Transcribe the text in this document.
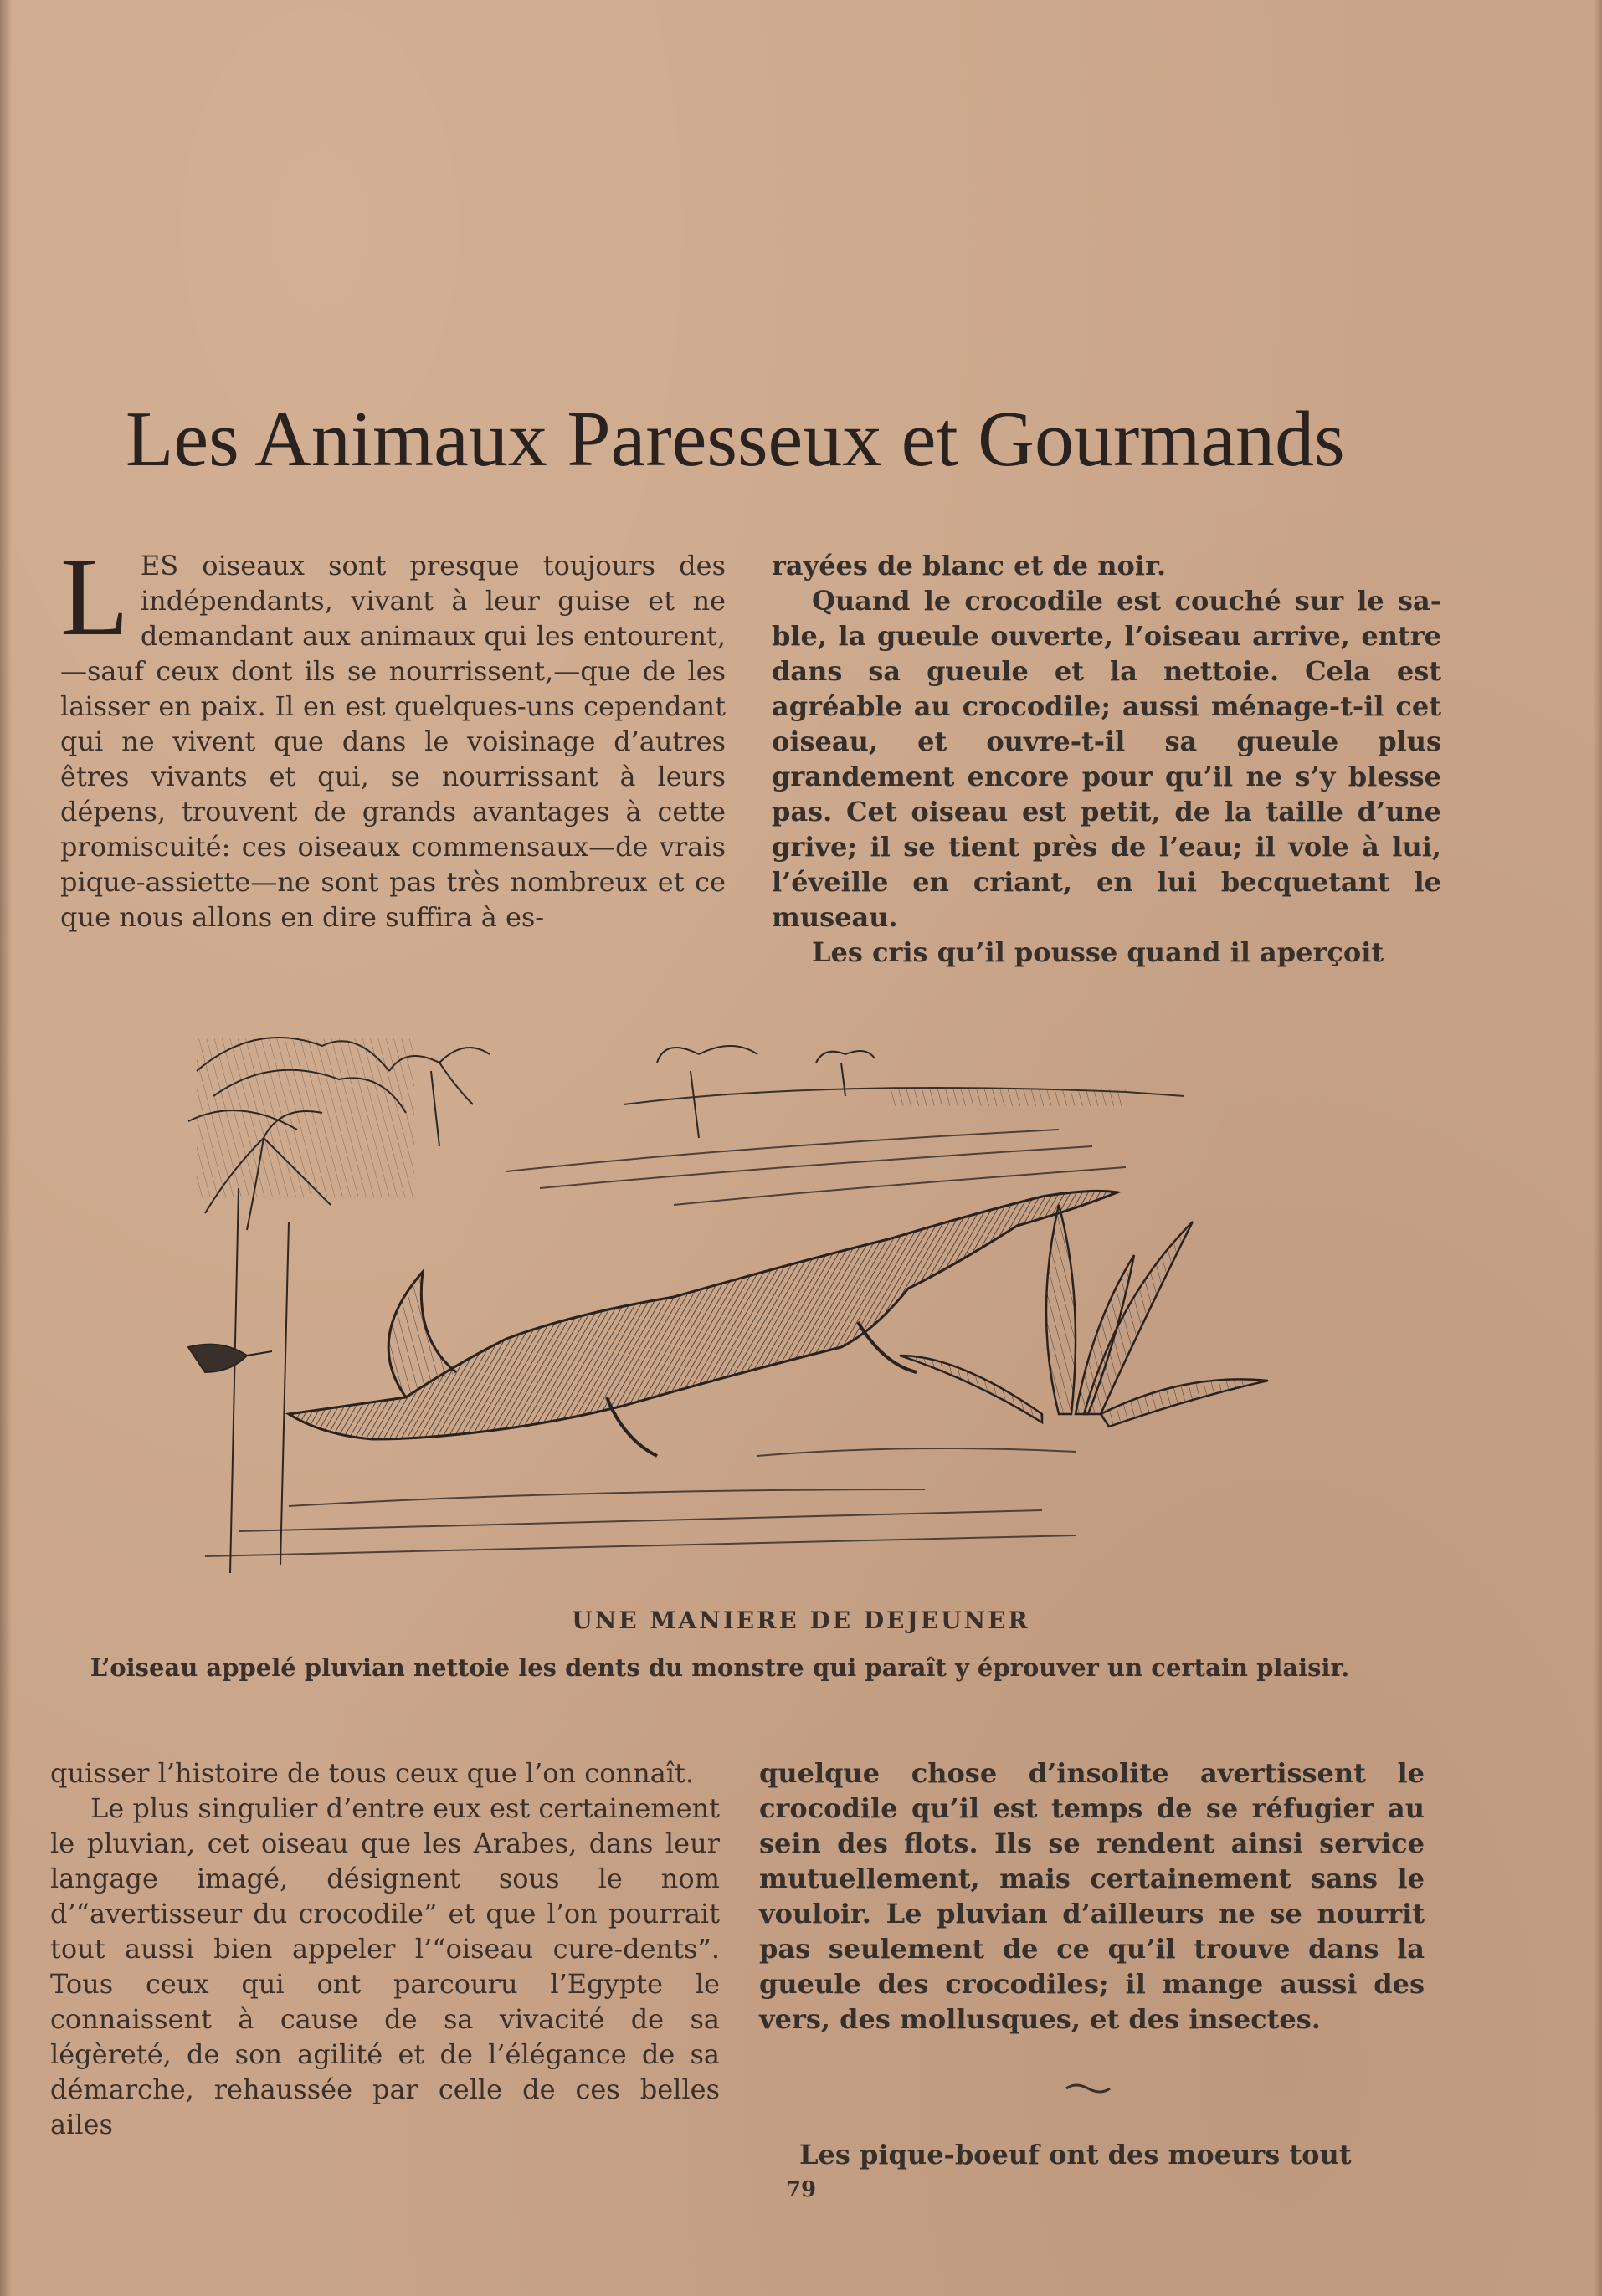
Les Animaux Paresseux et Gourmands

LES oiseaux sont presque toujours des indépendants, vivant à leur guise et ne demandant aux animaux qui les entourent,—sauf ceux dont ils se nourrissent,—que de les laisser en paix. Il en est quelques-uns cependant qui ne vivent que dans le voisinage d’autres êtres vivants et qui, se nourrissant à leurs dépens, trouvent de grands avantages à cette promiscuité: ces oiseaux commensaux—de vrais pique-assiette—ne sont pas très nombreux et ce que nous allons en dire suffira à es-

rayées de blanc et de noir.

Quand le crocodile est couché sur le sable, la gueule ouverte, l’oiseau arrive, entre dans sa gueule et la nettoie. Cela est agréable au crocodile; aussi ménage-t-il cet oiseau, et ouvre-t-il sa gueule plus grandement encore pour qu’il ne s’y blesse pas. Cet oiseau est petit, de la taille d’une grive; il se tient près de l’eau; il vole à lui, l’éveille en criant, en lui becquetant le museau.

Les cris qu’il pousse quand il aperçoit

UNE MANIERE DE DEJEUNER
L’oiseau appelé pluvian nettoie les dents du monstre qui paraît y éprouver un certain plaisir.

quisser l’histoire de tous ceux que l’on connaît.

Le plus singulier d’entre eux est certainement le pluvian, cet oiseau que les Arabes, dans leur langage imagé, désignent sous le nom d’“avertisseur du crocodile” et que l’on pourrait tout aussi bien appeler l’“oiseau cure-dents”. Tous ceux qui ont parcouru l’Egypte le connaissent à cause de sa vivacité de sa légèreté, de son agilité et de l’élégance de sa démarche, rehaussée par celle de ces belles ailes

quelque chose d’insolite avertissent le crocodile qu’il est temps de se réfugier au sein des flots. Ils se rendent ainsi service mutuellement, mais certainement sans le vouloir. Le pluvian d’ailleurs ne se nourrit pas seulement de ce qu’il trouve dans la gueule des crocodiles; il mange aussi des vers, des mollusques, et des insectes.

Les pique-boeuf ont des moeurs tout

79
